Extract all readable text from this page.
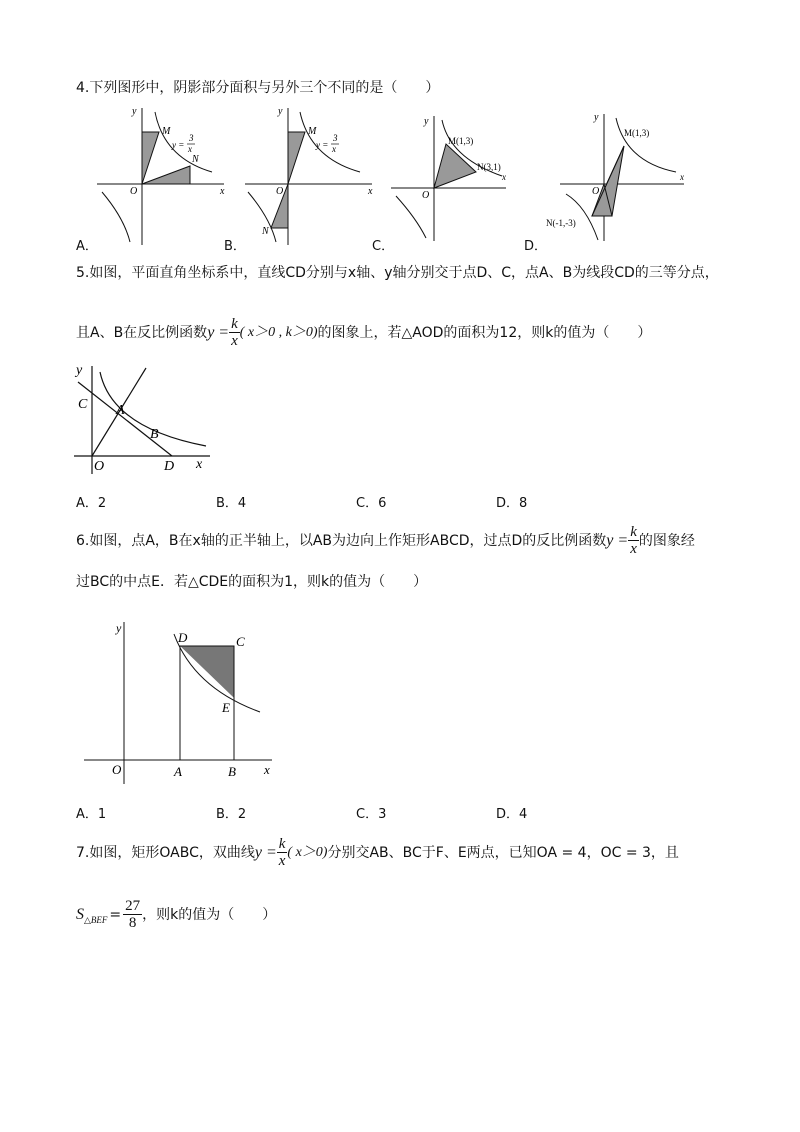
4.下列图形中，阴影部分面积与另外三个不同的是（　　）
y
x
O
M
N
y =
3
x
y
x
O
M
N
y =
3
x
y
x
O
M(1,3)
N(3,1)
y
x
O
M(1,3)
N(-1,-3)
A．	B．	C．	D．
5.如图，平面直角坐标系中，直线CD分别与x轴、y轴分别交于点D、C，点A、B为线段CD的三等分点，
且A、B在反比例函数 $y = \frac{k}{x}$ ( x＞0 , k＞0) 的图象上，若△AOD的面积为12，则k的值为（　　）
y
x
O
C A
B
D
A．2	B．4	C．6	D．8
6.如图，点A，B在x轴的正半轴上，以AB为边向上作矩形ABCD，过点D的反比例函数 $y = \frac{k}{x}$ 的图象经
过BC的中点E．若△CDE的面积为1，则k的值为（　　）
y
x
O	A	B
C
D
E
A．1	B．2	C．3	D．4
7.如图，矩形OABC，双曲线 $y = \frac{k}{x}$ ( x＞0) 分别交AB、BC于F、E两点，已知OA = 4，OC = 3，且
S △BEF = $\frac{27}{8}$ ，则k的值为（　　）
